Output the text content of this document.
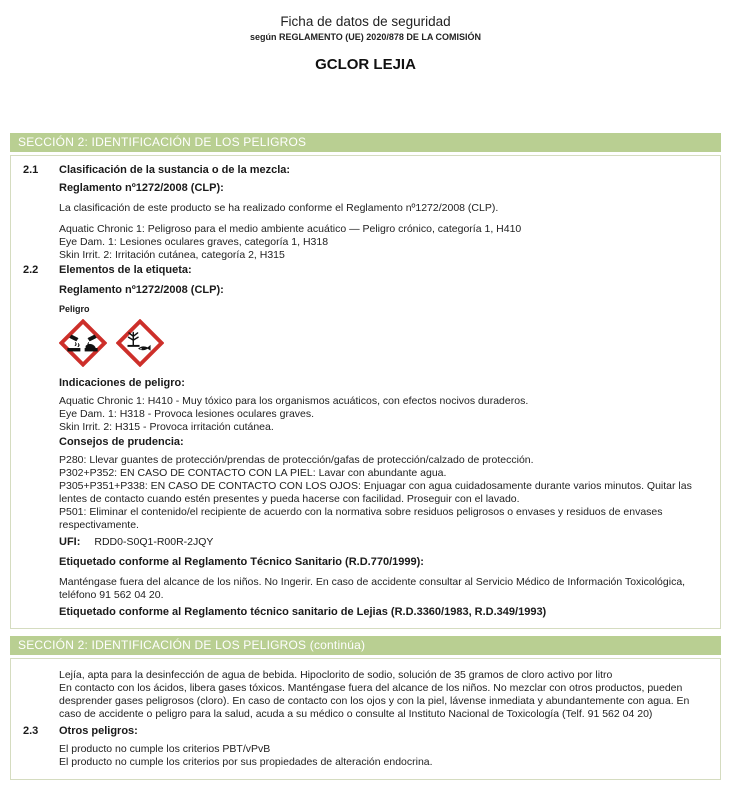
Ficha de datos de seguridad
según REGLAMENTO (UE) 2020/878 DE LA COMISIÓN
GCLOR LEJIA
SECCIÓN 2: IDENTIFICACIÓN DE LOS PELIGROS
2.1	Clasificación de la sustancia o de la mezcla:
Reglamento nº1272/2008 (CLP):
La clasificación de este producto se ha realizado conforme el Reglamento nº1272/2008 (CLP).
Aquatic Chronic 1: Peligroso para el medio ambiente acuático — Peligro crónico, categoría 1, H410
Eye Dam. 1: Lesiones oculares graves, categoría 1, H318
Skin Irrit. 2: Irritación cutánea, categoría 2, H315
2.2	Elementos de la etiqueta:
Reglamento nº1272/2008 (CLP):
Peligro
Indicaciones de peligro:
Aquatic Chronic 1: H410 - Muy tóxico para los organismos acuáticos, con efectos nocivos duraderos.
Eye Dam. 1: H318 - Provoca lesiones oculares graves.
Skin Irrit. 2: H315 - Provoca irritación cutánea.
Consejos de prudencia:
P280: Llevar guantes de protección/prendas de protección/gafas de protección/calzado de protección.
P302+P352: EN CASO DE CONTACTO CON LA PIEL: Lavar con abundante agua.
P305+P351+P338: EN CASO DE CONTACTO CON LOS OJOS: Enjuagar con agua cuidadosamente durante varios minutos. Quitar las lentes de contacto cuando estén presentes y pueda hacerse con facilidad. Proseguir con el lavado.
P501: Eliminar el contenido/el recipiente de acuerdo con la normativa sobre residuos peligrosos o envases y residuos de envases respectivamente.
UFI: RDD0-S0Q1-R00R-2JQY
Etiquetado conforme al Reglamento Técnico Sanitario (R.D.770/1999):
Manténgase fuera del alcance de los niños. No Ingerir. En caso de accidente consultar al Servicio Médico de Información Toxicológica, teléfono 91 562 04 20.
Etiquetado conforme al Reglamento técnico sanitario de Lejias (R.D.3360/1983, R.D.349/1993)
SECCIÓN 2: IDENTIFICACIÓN DE LOS PELIGROS (continúa)
Lejía, apta para la desinfección de agua de bebida. Hipoclorito de sodio, solución de 35 gramos de cloro activo por litro
En contacto con los ácidos, libera gases tóxicos. Manténgase fuera del alcance de los niños. No mezclar con otros productos, pueden desprender gases peligrosos (cloro). En caso de contacto con los ojos y con la piel, lávense inmediata y abundantemente con agua. En caso de accidente o peligro para la salud, acuda a su médico o consulte al Instituto Nacional de Toxicología (Telf. 91 562 04 20)
2.3	Otros peligros:
El producto no cumple los criterios PBT/vPvB
El producto no cumple los criterios por sus propiedades de alteración endocrina.
